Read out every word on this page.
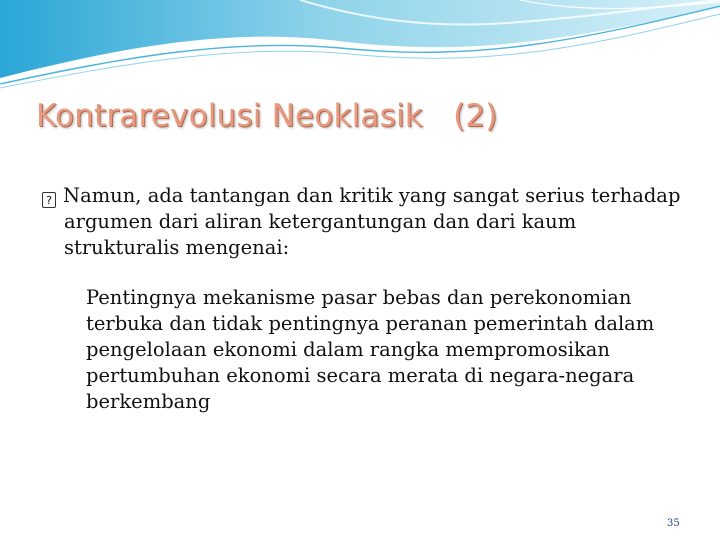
Kontrarevolusi Neoklasik   (2)

? Namun, ada tantangan dan kritik yang sangat serius terhadap argumen dari aliran ketergantungan dan dari kaum strukturalis mengenai:

Pentingnya mekanisme pasar bebas dan perekonomian terbuka dan tidak pentingnya peranan pemerintah dalam pengelolaan ekonomi dalam rangka mempromosikan pertumbuhan ekonomi secara merata di negara-negara berkembang

35
